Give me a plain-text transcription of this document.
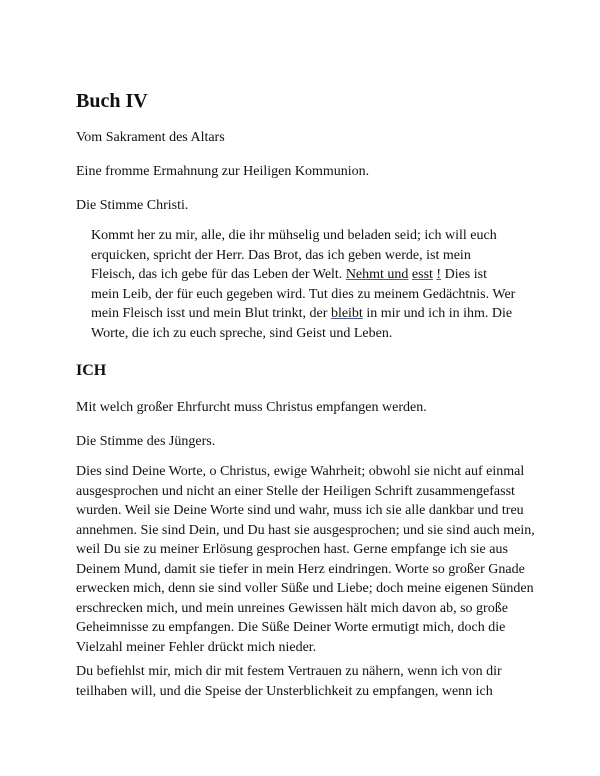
Buch IV

Vom Sakrament des Altars

Eine fromme Ermahnung zur Heiligen Kommunion.

Die Stimme Christi.

Kommt her zu mir, alle, die ihr mühselig und beladen seid; ich will euch erquicken, spricht der Herr. Das Brot, das ich geben werde, ist mein Fleisch, das ich gebe für das Leben der Welt. Nehmt und esst ! Dies ist mein Leib, der für euch gegeben wird. Tut dies zu meinem Gedächtnis. Wer mein Fleisch isst und mein Blut trinkt, der bleibt in mir und ich in ihm. Die Worte, die ich zu euch spreche, sind Geist und Leben.

ICH

Mit welch großer Ehrfurcht muss Christus empfangen werden.

Die Stimme des Jüngers.

Dies sind Deine Worte, o Christus, ewige Wahrheit; obwohl sie nicht auf einmal ausgesprochen und nicht an einer Stelle der Heiligen Schrift zusammengefasst wurden. Weil sie Deine Worte sind und wahr, muss ich sie alle dankbar und treu annehmen. Sie sind Dein, und Du hast sie ausgesprochen; und sie sind auch mein, weil Du sie zu meiner Erlösung gesprochen hast. Gerne empfange ich sie aus Deinem Mund, damit sie tiefer in mein Herz eindringen. Worte so großer Gnade erwecken mich, denn sie sind voller Süße und Liebe; doch meine eigenen Sünden erschrecken mich, und mein unreines Gewissen hält mich davon ab, so große Geheimnisse zu empfangen. Die Süße Deiner Worte ermutigt mich, doch die Vielzahl meiner Fehler drückt mich nieder.

Du befiehlst mir, mich dir mit festem Vertrauen zu nähern, wenn ich von dir teilhaben will, und die Speise der Unsterblichkeit zu empfangen, wenn ich
